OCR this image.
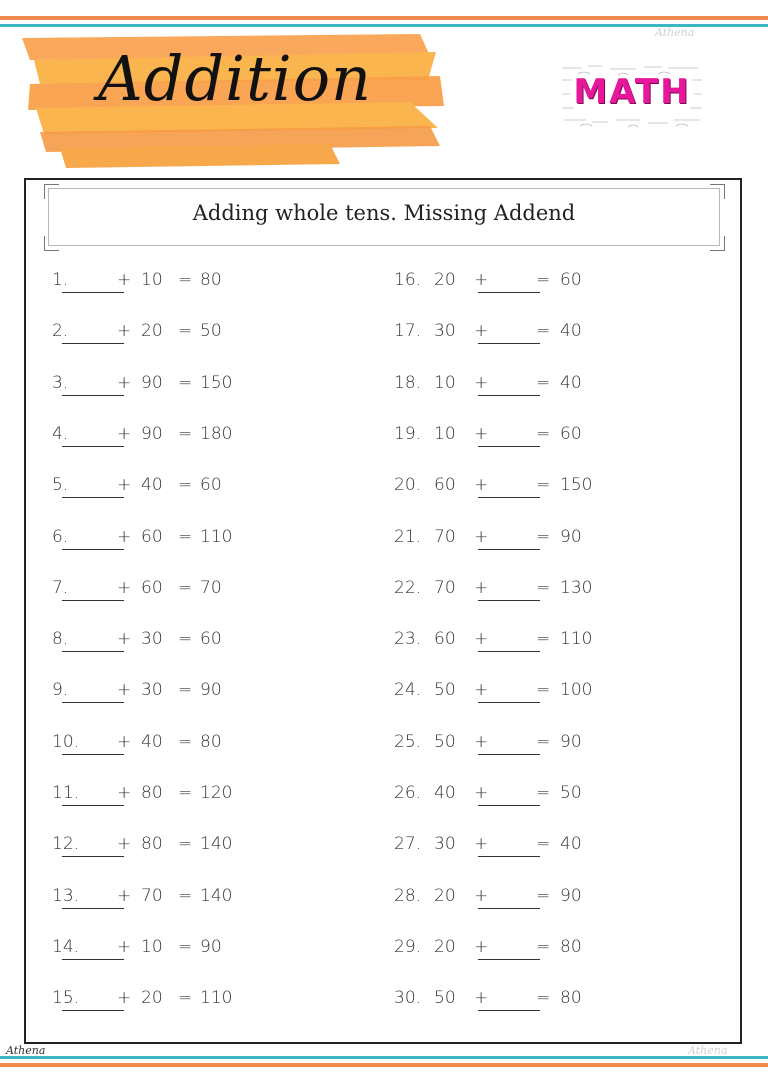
Addition
Athena
MATH
Adding whole tens. Missing Addend
1.	+ 10 = 80
2.	+ 20 = 50
3.	+ 90 = 150
4.	+ 90 = 180
5.	+ 40 = 60
6.	+ 60 = 110
7.	+ 60 = 70
8.	+ 30 = 60
9.	+ 30 = 90
10. + 40 = 80
11. + 80 = 120
12. + 80 = 140
13. + 70 = 140
14. + 10 = 90
15. + 20 = 110
16. 20 +	= 60
17. 30 +	= 40
18. 10 +	= 40
19. 10 +	= 60
20. 60 +	= 150
21. 70 +	= 90
22. 70 +	= 130
23. 60 +	= 110
24. 50 +	= 100
25. 50 +	= 90
26. 40 +	= 50
27. 30 +	= 40
28. 20 +	= 90
29. 20 +	= 80
30. 50 +	= 80
Athena	Athena
